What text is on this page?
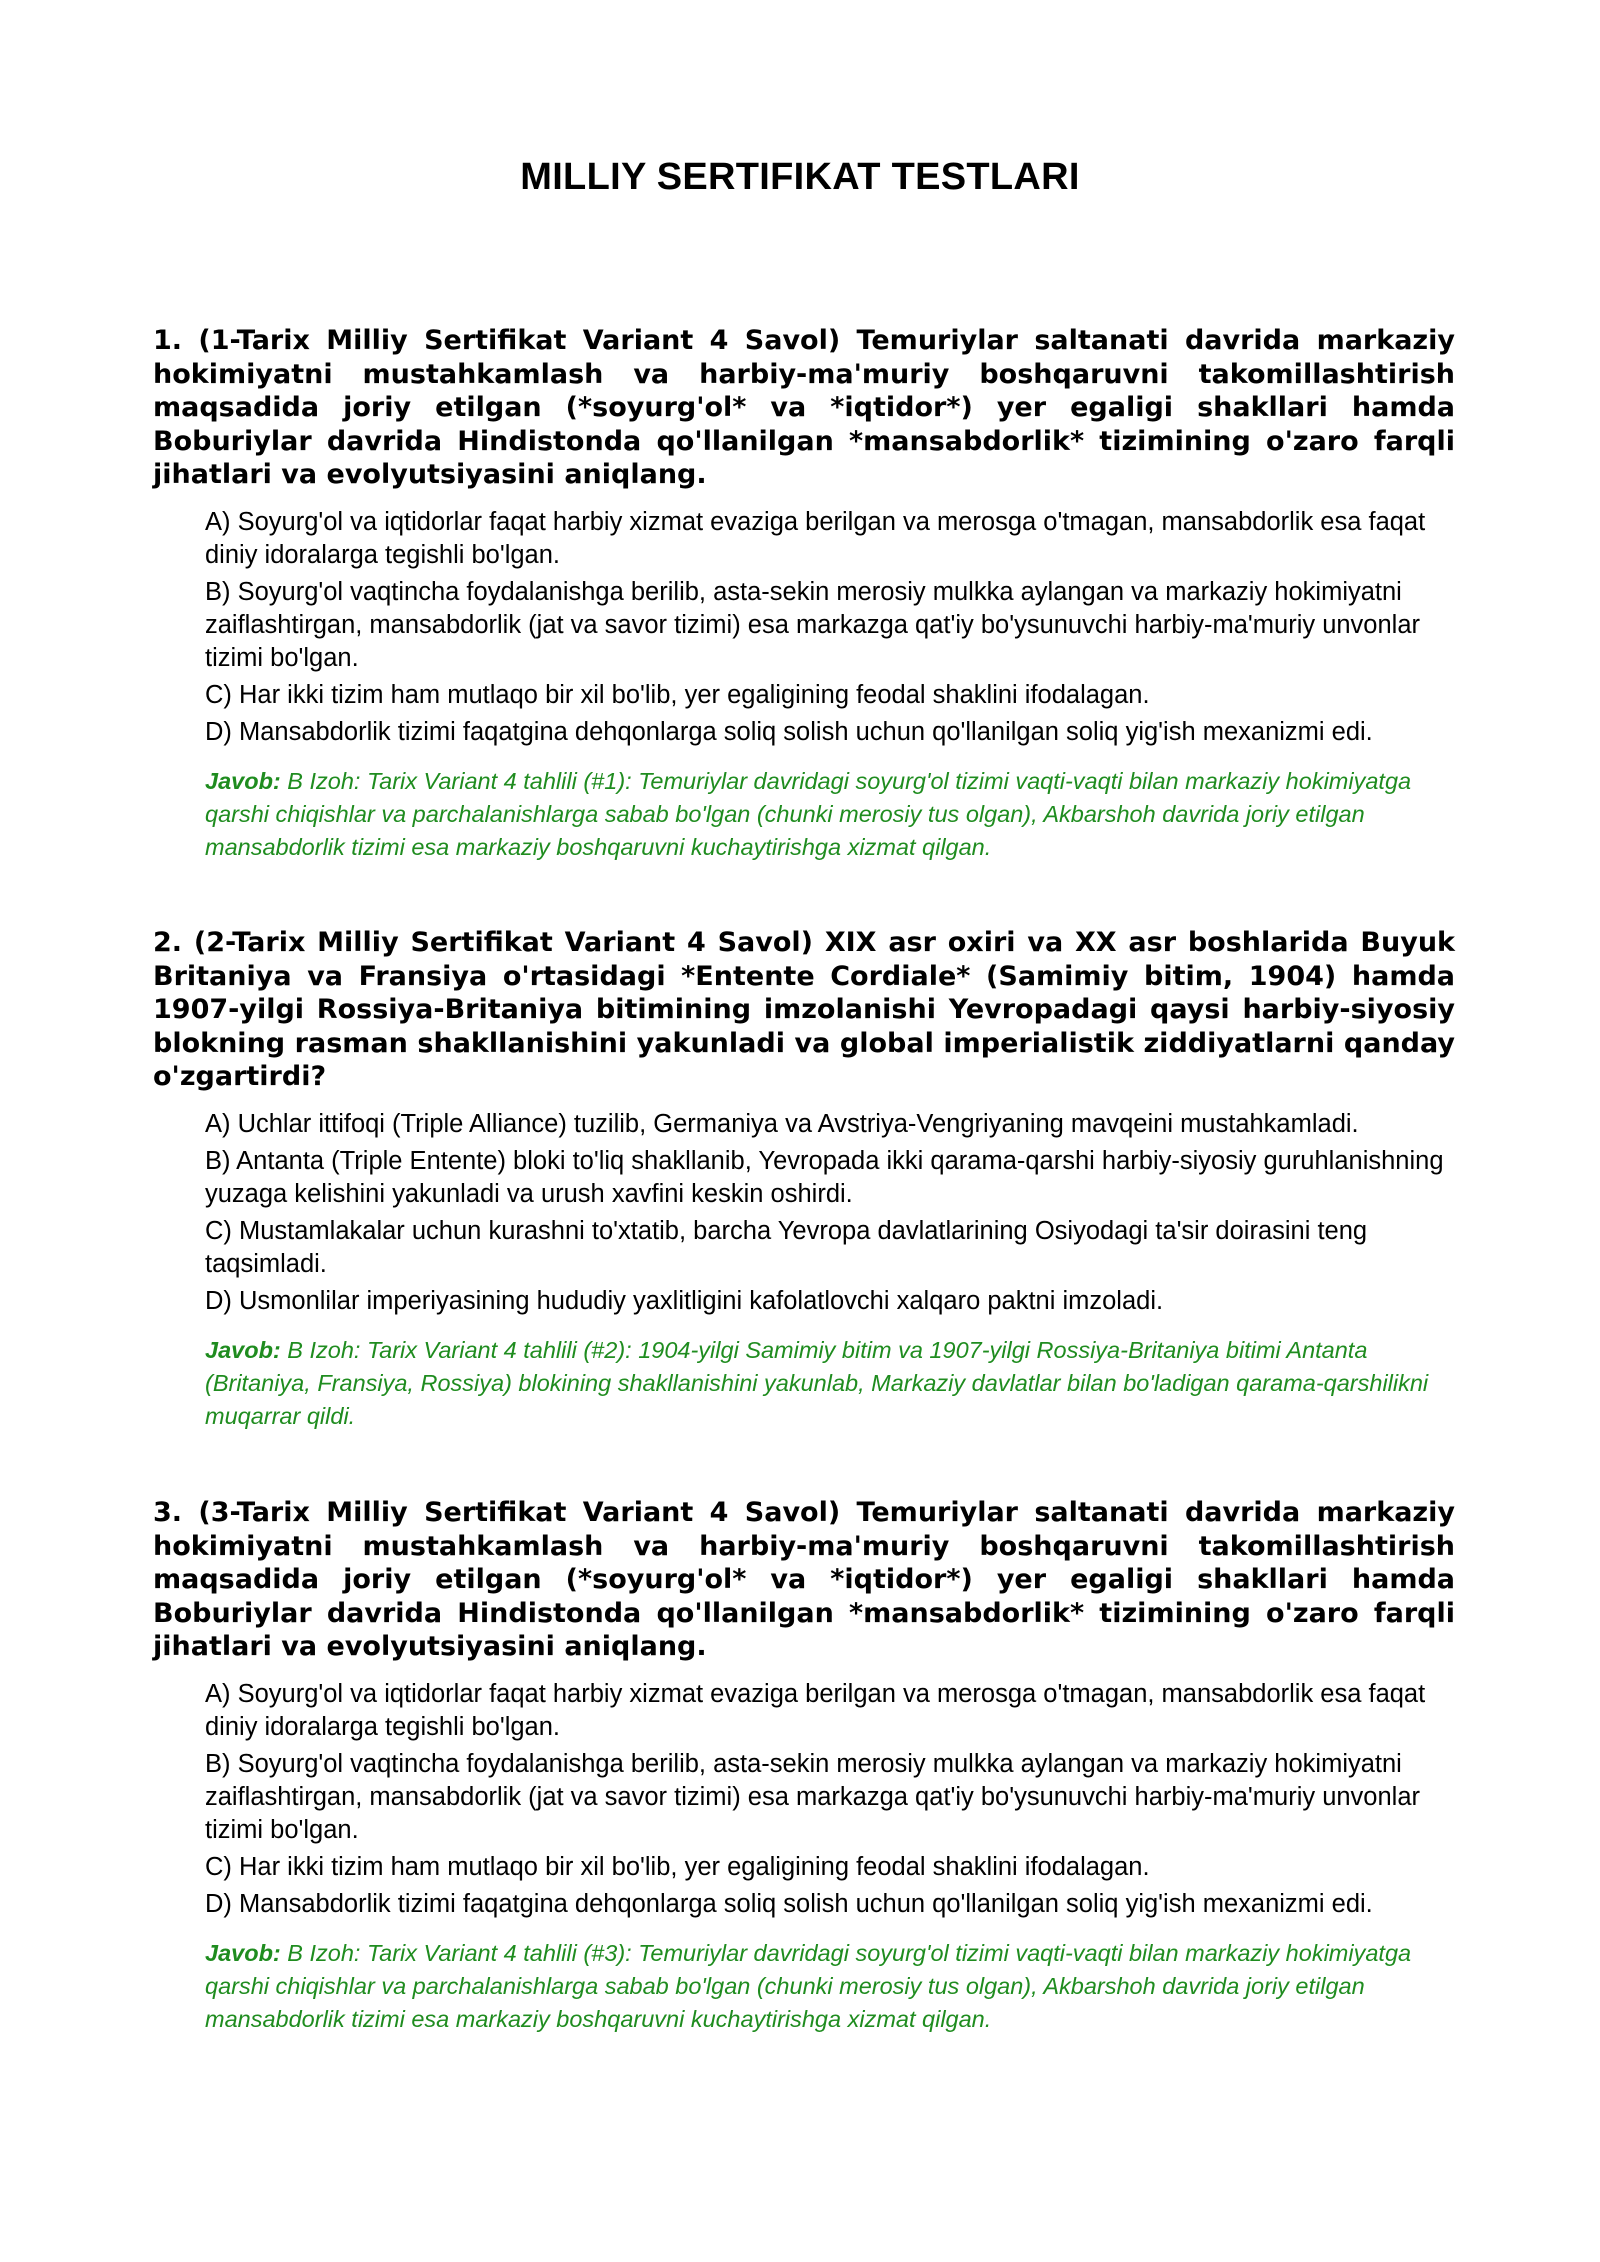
MILLIY SERTIFIKAT TESTLARI

1. (1-Tarix Milliy Sertifikat Variant 4 Savol) Temuriylar saltanati davrida markaziy hokimiyatni mustahkamlash va harbiy-ma'muriy boshqaruvni takomillashtirish maqsadida joriy etilgan (*soyurg'ol* va *iqtidor*) yer egaligi shakllari hamda Boburiylar davrida Hindistonda qo'llanilgan *mansabdorlik* tizimining o'zaro farqli jihatlari va evolyutsiyasini aniqlang.

A) Soyurg'ol va iqtidorlar faqat harbiy xizmat evaziga berilgan va merosga o'tmagan, mansabdorlik esa faqat diniy idoralarga tegishli bo'lgan.
B) Soyurg'ol vaqtincha foydalanishga berilib, asta-sekin merosiy mulkka aylangan va markaziy hokimiyatni zaiflashtirgan, mansabdorlik (jat va savor tizimi) esa markazga qat'iy bo'ysunuvchi harbiy-ma'muriy unvonlar tizimi bo'lgan.
C) Har ikki tizim ham mutlaqo bir xil bo'lib, yer egaligining feodal shaklini ifodalagan.
D) Mansabdorlik tizimi faqatgina dehqonlarga soliq solish uchun qo'llanilgan soliq yig'ish mexanizmi edi.
Javob: B Izoh: Tarix Variant 4 tahlili (#1): Temuriylar davridagi soyurg'ol tizimi vaqti-vaqti bilan markaziy hokimiyatga qarshi chiqishlar va parchalanishlarga sabab bo'lgan (chunki merosiy tus olgan), Akbarshoh davrida joriy etilgan mansabdorlik tizimi esa markaziy boshqaruvni kuchaytirishga xizmat qilgan.

2. (2-Tarix Milliy Sertifikat Variant 4 Savol) XIX asr oxiri va XX asr boshlarida Buyuk Britaniya va Fransiya o'rtasidagi *Entente Cordiale* (Samimiy bitim, 1904) hamda 1907-yilgi Rossiya-Britaniya bitimining imzolanishi Yevropadagi qaysi harbiy-siyosiy blokning rasman shakllanishini yakunladi va global imperialistik ziddiyatlarni qanday o'zgartirdi?

A) Uchlar ittifoqi (Triple Alliance) tuzilib, Germaniya va Avstriya-Vengriyaning mavqeini mustahkamladi.
B) Antanta (Triple Entente) bloki to'liq shakllanib, Yevropada ikki qarama-qarshi harbiy-siyosiy guruhlanishning yuzaga kelishini yakunladi va urush xavfini keskin oshirdi.
C) Mustamlakalar uchun kurashni to'xtatib, barcha Yevropa davlatlarining Osiyodagi ta'sir doirasini teng taqsimladi.
D) Usmonlilar imperiyasining hududiy yaxlitligini kafolatlovchi xalqaro paktni imzoladi.
Javob: B Izoh: Tarix Variant 4 tahlili (#2): 1904-yilgi Samimiy bitim va 1907-yilgi Rossiya-Britaniya bitimi Antanta (Britaniya, Fransiya, Rossiya) blokining shakllanishini yakunlab, Markaziy davlatlar bilan bo'ladigan qarama-qarshilikni muqarrar qildi.

3. (3-Tarix Milliy Sertifikat Variant 4 Savol) Temuriylar saltanati davrida markaziy hokimiyatni mustahkamlash va harbiy-ma'muriy boshqaruvni takomillashtirish maqsadida joriy etilgan (*soyurg'ol* va *iqtidor*) yer egaligi shakllari hamda Boburiylar davrida Hindistonda qo'llanilgan *mansabdorlik* tizimining o'zaro farqli jihatlari va evolyutsiyasini aniqlang.

A) Soyurg'ol va iqtidorlar faqat harbiy xizmat evaziga berilgan va merosga o'tmagan, mansabdorlik esa faqat diniy idoralarga tegishli bo'lgan.
B) Soyurg'ol vaqtincha foydalanishga berilib, asta-sekin merosiy mulkka aylangan va markaziy hokimiyatni zaiflashtirgan, mansabdorlik (jat va savor tizimi) esa markazga qat'iy bo'ysunuvchi harbiy-ma'muriy unvonlar tizimi bo'lgan.
C) Har ikki tizim ham mutlaqo bir xil bo'lib, yer egaligining feodal shaklini ifodalagan.
D) Mansabdorlik tizimi faqatgina dehqonlarga soliq solish uchun qo'llanilgan soliq yig'ish mexanizmi edi.
Javob: B Izoh: Tarix Variant 4 tahlili (#3): Temuriylar davridagi soyurg'ol tizimi vaqti-vaqti bilan markaziy hokimiyatga qarshi chiqishlar va parchalanishlarga sabab bo'lgan (chunki merosiy tus olgan), Akbarshoh davrida joriy etilgan mansabdorlik tizimi esa markaziy boshqaruvni kuchaytirishga xizmat qilgan.
